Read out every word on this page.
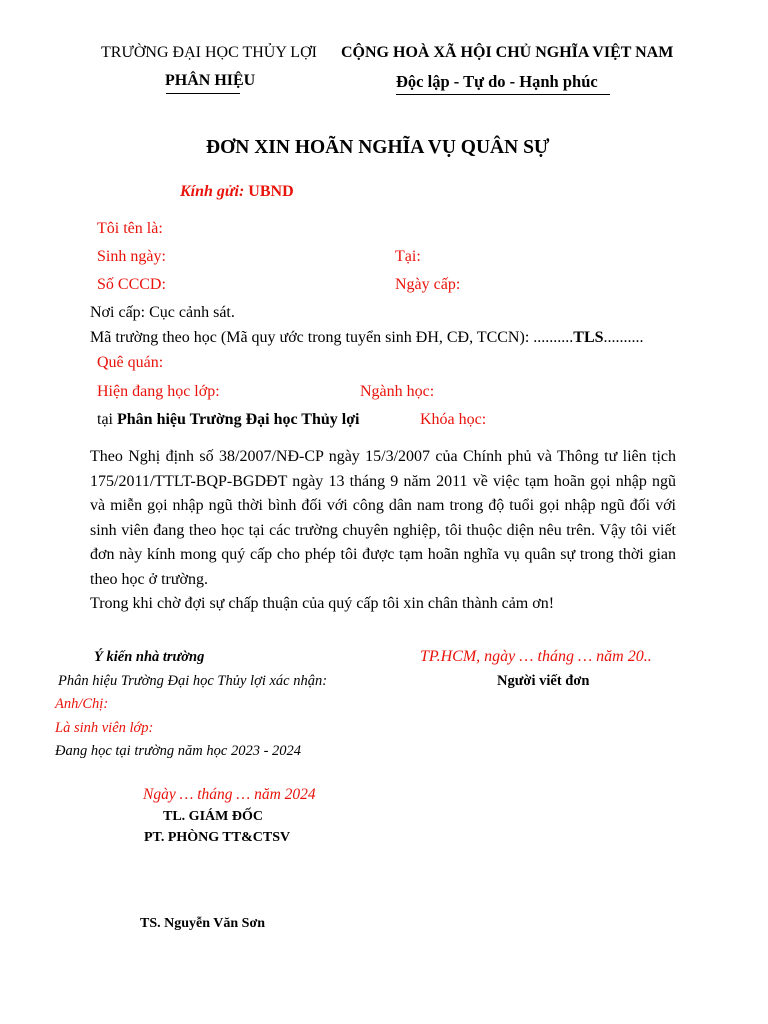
TRƯỜNG ĐẠI HỌC THỦY LỢI
PHÂN HIỆU
CỘNG HOÀ XÃ HỘI CHỦ NGHĨA VIỆT NAM
Độc lập - Tự do - Hạnh phúc
ĐƠN XIN HOÃN NGHĨA VỤ QUÂN SỰ
Kính gửi: UBND
Tôi tên là:
Sinh ngày:	Tại:
Số CCCD:	Ngày cấp:
Nơi cấp: Cục cảnh sát.
Mã trường theo học (Mã quy ước trong tuyển sinh ĐH, CĐ, TCCN): ..........TLS..........
Quê quán:
Hiện đang học lớp:	Ngành học:
tại Phân hiệu Trường Đại học Thủy lợi	Khóa học:

Theo Nghị định số 38/2007/NĐ-CP ngày 15/3/2007 của Chính phủ và Thông tư liên tịch 175/2011/TTLT-BQP-BGDĐT ngày 13 tháng 9 năm 2011 về việc tạm hoãn gọi nhập ngũ và miễn gọi nhập ngũ thời bình đối với công dân nam trong độ tuổi gọi nhập ngũ đối với sinh viên đang theo học tại các trường chuyên nghiệp, tôi thuộc diện nêu trên. Vậy tôi viết đơn này kính mong quý cấp cho phép tôi được tạm hoãn nghĩa vụ quân sự trong thời gian theo học ở trường.

Trong khi chờ đợi sự chấp thuận của quý cấp tôi xin chân thành cảm ơn!

Ý kiến nhà trường
Phân hiệu Trường Đại học Thủy lợi xác nhận:
Anh/Chị:
Là sinh viên lớp:
Đang học tại trường năm học 2023 - 2024
Ngày … tháng … năm 2024
TL. GIÁM ĐỐC
PT. PHÒNG TT&CTSV
TS. Nguyễn Văn Sơn
TP.HCM, ngày … tháng … năm 20..
Người viết đơn
